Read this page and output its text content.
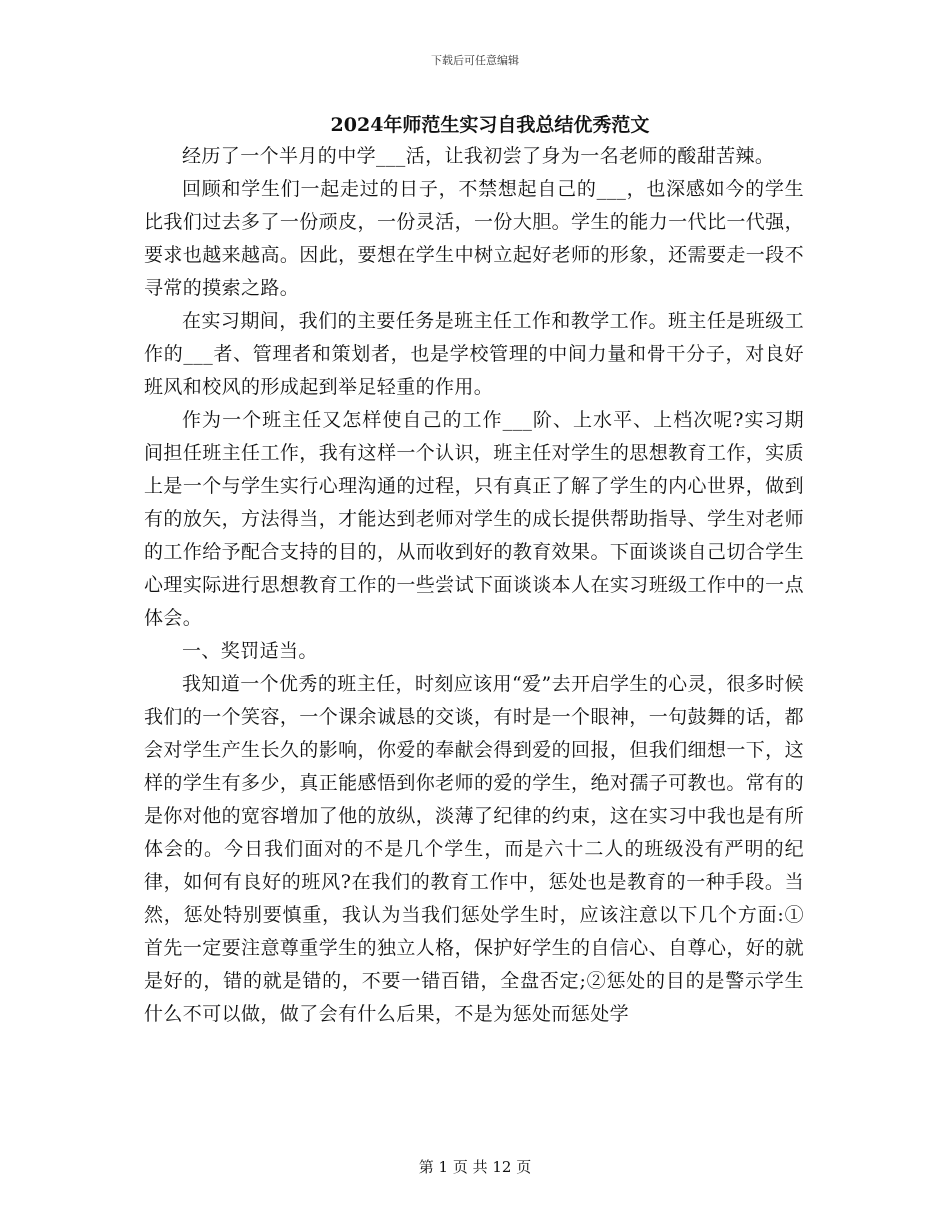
下载后可任意编辑
2024年师范生实习自我总结优秀范文

经历了一个半月的中学___活，让我初尝了身为一名老师的酸甜苦辣。

回顾和学生们一起走过的日子，不禁想起自己的___，也深感如今的学生比我们过去多了一份顽皮，一份灵活，一份大胆。学生的能力一代比一代强，要求也越来越高。因此，要想在学生中树立起好老师的形象，还需要走一段不寻常的摸索之路。

在实习期间，我们的主要任务是班主任工作和教学工作。班主任是班级工作的___者、管理者和策划者，也是学校管理的中间力量和骨干分子，对良好班风和校风的形成起到举足轻重的作用。

作为一个班主任又怎样使自己的工作___阶、上水平、上档次呢?实习期间担任班主任工作，我有这样一个认识，班主任对学生的思想教育工作，实质上是一个与学生实行心理沟通的过程，只有真正了解了学生的内心世界，做到有的放矢，方法得当，才能达到老师对学生的成长提供帮助指导、学生对老师的工作给予配合支持的目的，从而收到好的教育效果。下面谈谈自己切合学生心理实际进行思想教育工作的一些尝试下面谈谈本人在实习班级工作中的一点体会。

一、奖罚适当。

我知道一个优秀的班主任，时刻应该用“爱”去开启学生的心灵，很多时候我们的一个笑容，一个课余诚恳的交谈，有时是一个眼神，一句鼓舞的话，都会对学生产生长久的影响，你爱的奉献会得到爱的回报，但我们细想一下，这样的学生有多少，真正能感悟到你老师的爱的学生，绝对孺子可教也。常有的是你对他的宽容增加了他的放纵，淡薄了纪律的约束，这在实习中我也是有所体会的。今日我们面对的不是几个学生，而是六十二人的班级没有严明的纪律，如何有良好的班风?在我们的教育工作中，惩处也是教育的一种手段。当然，惩处特别要慎重，我认为当我们惩处学生时，应该注意以下几个方面:①首先一定要注意尊重学生的独立人格，保护好学生的自信心、自尊心，好的就是好的，错的就是错的，不要一错百错，全盘否定;②惩处的目的是警示学生什么不可以做，做了会有什么后果，不是为惩处而惩处学

第 1 页 共 12 页
